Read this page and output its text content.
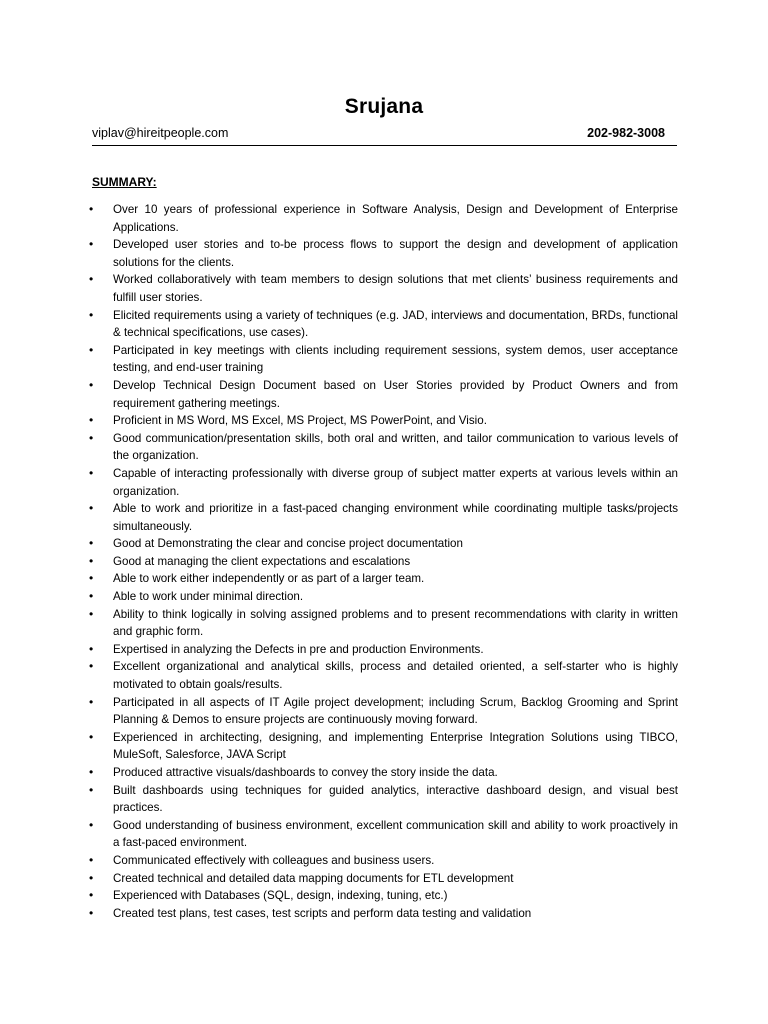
Srujana
viplav@hireitpeople.com	202-982-3008
SUMMARY:
• Over 10 years of professional experience in Software Analysis, Design and Development of Enterprise Applications.
• Developed user stories and to-be process flows to support the design and development of application solutions for the clients.
• Worked collaboratively with team members to design solutions that met clients’ business requirements and fulfill user stories.
• Elicited requirements using a variety of techniques (e.g. JAD, interviews and documentation, BRDs, functional & technical specifications, use cases).
• Participated in key meetings with clients including requirement sessions, system demos, user acceptance testing, and end-user training
• Develop Technical Design Document based on User Stories provided by Product Owners and from requirement gathering meetings.
• Proficient in MS Word, MS Excel, MS Project, MS PowerPoint, and Visio.
• Good communication/presentation skills, both oral and written, and tailor communication to various levels of the organization.
• Capable of interacting professionally with diverse group of subject matter experts at various levels within an organization.
• Able to work and prioritize in a fast-paced changing environment while coordinating multiple tasks/projects simultaneously.
• Good at Demonstrating the clear and concise project documentation
• Good at managing the client expectations and escalations
• Able to work either independently or as part of a larger team.
• Able to work under minimal direction.
• Ability to think logically in solving assigned problems and to present recommendations with clarity in written and graphic form.
• Expertised in analyzing the Defects in pre and production Environments.
• Excellent organizational and analytical skills, process and detailed oriented, a self-starter who is highly motivated to obtain goals/results.
• Participated in all aspects of IT Agile project development; including Scrum, Backlog Grooming and Sprint Planning & Demos to ensure projects are continuously moving forward.
• Experienced in architecting, designing, and implementing Enterprise Integration Solutions using TIBCO, MuleSoft, Salesforce, JAVA Script
• Produced attractive visuals/dashboards to convey the story inside the data.
• Built dashboards using techniques for guided analytics, interactive dashboard design, and visual best practices.
• Good understanding of business environment, excellent communication skill and ability to work proactively in a fast-paced environment.
• Communicated effectively with colleagues and business users.
• Created technical and detailed data mapping documents for ETL development
• Experienced with Databases (SQL, design, indexing, tuning, etc.)
• Created test plans, test cases, test scripts and perform data testing and validation
